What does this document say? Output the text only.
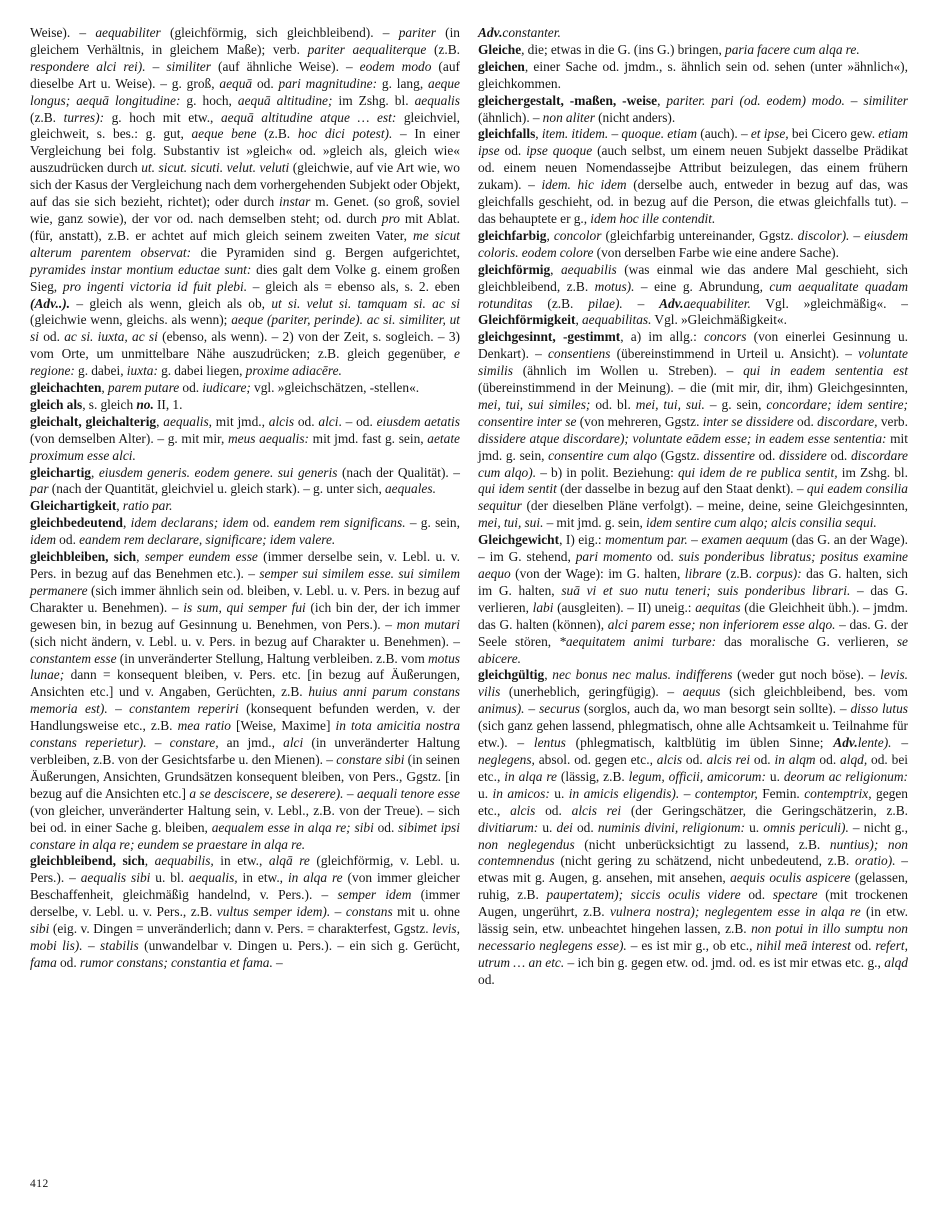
Weise). – aequabiliter (gleichförmig, sich gleichbleibend). – pariter (in gleichem Verhältnis, in gleichem Maße); verb. pariter aequaliterque (z.B. respondere alci rei). – similiter (auf ähnliche Weise). – eodem modo (auf dieselbe Art u. Weise). – g. groß, aequā od. pari magnitudine: g. lang, aeque longus; aequā longitudine: g. hoch, aequā altitudine; im Zshg. bl. aequalis (z.B. turres): g. hoch mit etw., aequā altitudine atque … est: gleichviel, gleichweit, s. bes.: g. gut, aeque bene (z.B. hoc dici potest). – In einer Vergleichung bei folg. Substantiv ist »gleich« od. »gleich als, gleich wie« auszudrücken durch ut. sicut. sicuti. velut. veluti (gleichwie, auf vie Art wie, wo sich der Kasus der Vergleichung nach dem vorhergehenden Subjekt oder Objekt, auf das sie sich bezieht, richtet); oder durch instar m. Genet. (so groß, soviel wie, ganz sowie), der vor od. nach demselben steht; od. durch pro mit Ablat. (für, anstatt), z.B. er achtet auf mich gleich seinem zweiten Vater, me sicut alterum parentem observat: die Pyramiden sind g. Bergen aufgerichtet, pyramides instar montium eductae sunt: dies galt dem Volke g. einem großen Sieg, pro ingenti victoria id fuit plebi. – gleich als = ebenso als, s. 2. eben (Adv..). – gleich als wenn, gleich als ob, ut si. velut si. tamquam si. ac si (gleichwie wenn, gleichs. als wenn); aeque (pariter, perinde). ac si. similiter, ut si od. ac si. iuxta, ac si (ebenso, als wenn). – 2) von der Zeit, s. sogleich. – 3) vom Orte, um unmittelbare Nähe auszudrücken; z.B. gleich gegenüber, e regione: g. dabei, iuxta: g. dabei liegen, proxime adiacēre.

gleichachten, parem putare od. iudicare; vgl. »gleichschätzen, -stellen«.

gleich als, s. gleich no. II, 1.

gleichalt, gleichalterig, aequalis, mit jmd., alcis od. alci. – od. eiusdem aetatis (von demselben Alter). – g. mit mir, meus aequalis: mit jmd. fast g. sein, aetate proximum esse alci.

gleichartig, eiusdem generis. eodem genere. sui generis (nach der Qualität). – par (nach der Quantität, gleichviel u. gleich stark). – g. unter sich, aequales.

Gleichartigkeit, ratio par.

gleichbedeutend, idem declarans; idem od. eandem rem significans. – g. sein, idem od. eandem rem declarare, significare; idem valere.

gleichbleiben, sich, semper eundem esse (immer derselbe sein, v. Lebl. u. v. Pers. in bezug auf das Benehmen etc.). – semper sui similem esse. sui similem permanere (sich immer ähnlich sein od. bleiben, v. Lebl. u. v. Pers. in bezug auf Charakter u. Benehmen). – is sum, qui semper fui (ich bin der, der ich immer gewesen bin, in bezug auf Gesinnung u. Benehmen, von Pers.). – mon mutari (sich nicht ändern, v. Lebl. u. v. Pers. in bezug auf Charakter u. Benehmen). – constantem esse (in unveränderter Stellung, Haltung verbleiben. z.B. vom motus lunae; dann = konsequent bleiben, v. Pers. etc. [in bezug auf Äußerungen, Ansichten etc.] und v. Angaben, Gerüchten, z.B. huius anni parum constans memoria est). – constantem reperiri (konsequent befunden werden, v. der Handlungsweise etc., z.B. mea ratio [Weise, Maxime] in tota amicitia nostra constans reperietur). – constare, an jmd., alci (in unveränderter Haltung verbleiben, z.B. von der Gesichtsfarbe u. den Mienen). – constare sibi (in seinen Äußerungen, Ansichten, Grundsätzen konsequent bleiben, von Pers., Ggstz. [in bezug auf die Ansichten etc.] a se desciscere, se deserere). – aequali tenore esse (von gleicher, unveränderter Haltung sein, v. Lebl., z.B. von der Treue). – sich bei od. in einer Sache g. bleiben, aequalem esse in alqa re; sibi od. sibimet ipsi constare in alqa re; eundem se praestare in alqa re.

gleichbleibend, sich, aequabilis, in etw., alqā re (gleichförmig, v. Lebl. u. Pers.). – aequalis sibi u. bl. aequalis, in etw., in alqa re (von immer gleicher Beschaffenheit, gleichmäßig handelnd, v. Pers.). – semper idem (immer derselbe, v. Lebl. u. v. Pers., z.B. vultus semper idem). – constans mit u. ohne sibi (eig. v. Dingen = unveränderlich; dann v. Pers. = charakterfest, Ggstz. levis, mobi lis). – stabilis (unwandelbar v. Dingen u. Pers.). – ein sich g. Gerücht, fama od. rumor constans; constantia et fama. –

Adv.constanter.

Gleiche, die; etwas in die G. (ins G.) bringen, paria facere cum alqa re.

gleichen, einer Sache od. jmdm., s. ähnlich sein od. sehen (unter »ähnlich«), gleichkommen.

gleichergestalt, -maßen, -weise, pariter. pari (od. eodem) modo. – similiter (ähnlich). – non aliter (nicht anders).

gleichfalls, item. itidem. – quoque. etiam (auch). – et ipse, bei Cicero gew. etiam ipse od. ipse quoque (auch selbst, um einem neuen Subjekt dasselbe Prädikat od. einem neuen Nomendassejbe Attribut beizulegen, das einem frühern zukam). – idem. hic idem (derselbe auch, entweder in bezug auf das, was gleichfalls geschieht, od. in bezug auf die Person, die etwas gleichfalls tut). – das behauptete er g., idem hoc ille contendit.

gleichfarbig, concolor (gleichfarbig untereinander, Ggstz. discolor). – eiusdem coloris. eodem colore (von derselben Farbe wie eine andere Sache).

gleichförmig, aequabilis (was einmal wie das andere Mal geschieht, sich gleichbleibend, z.B. motus). – eine g. Abrundung, cum aequalitate quadam rotunditas (z.B. pilae). – Adv.aequabiliter. Vgl. »gleichmäßig«. – Gleichförmigkeit, aequabilitas. Vgl. »Gleichmäßigkeit«.

gleichgesinnt, -gestimmt, a) im allg.: concors (von einerlei Gesinnung u. Denkart). – consentiens (übereinstimmend in Urteil u. Ansicht). – voluntate similis (ähnlich im Wollen u. Streben). – qui in eadem sententia est (übereinstimmend in der Meinung). – die (mit mir, dir, ihm) Gleichgesinnten, mei, tui, sui similes; od. bl. mei, tui, sui. – g. sein, concordare; idem sentire; consentire inter se (von mehreren, Ggstz. inter se dissidere od. discordare, verb. dissidere atque discordare); voluntate eādem esse; in eadem esse sententia: mit jmd. g. sein, consentire cum alqo (Ggstz. dissentire od. dissidere od. discordare cum alqo). – b) in polit. Beziehung: qui idem de re publica sentit, im Zshg. bl. qui idem sentit (der dasselbe in bezug auf den Staat denkt). – qui eadem consilia sequitur (der dieselben Pläne verfolgt). – meine, deine, seine Gleichgesinnten, mei, tui, sui. – mit jmd. g. sein, idem sentire cum alqo; alcis consilia sequi.

Gleichgewicht, I) eig.: momentum par. – examen aequum (das G. an der Wage). – im G. stehend, pari momento od. suis ponderibus libratus; positus examine aequo (von der Wage): im G. halten, librare (z.B. corpus): das G. halten, sich im G. halten, suā vi et suo nutu teneri; suis ponderibus librari. – das G. verlieren, labi (ausgleiten). – II) uneig.: aequitas (die Gleichheit übh.). – jmdm. das G. halten (können), alci parem esse; non inferiorem esse alqo. – das. G. der Seele stören, *aequitatem animi turbare: das moralische G. verlieren, se abicere.

gleichgültig, nec bonus nec malus. indifferens (weder gut noch böse). – levis. vilis (unerheblich, geringfügig). – aequus (sich gleichbleibend, bes. vom animus). – securus (sorglos, auch da, wo man besorgt sein sollte). – disso lutus (sich ganz gehen lassend, phlegmatisch, ohne alle Achtsamkeit u. Teilnahme für etw.). – lentus (phlegmatisch, kaltblütig im üblen Sinne; Adv.lente). – neglegens, absol. od. gegen etc., alcis od. alcis rei od. in alqm od. alqd, od. bei etc., in alqa re (lässig, z.B. legum, officii, amicorum: u. deorum ac religionum: u. in amicos: u. in amicis eligendis). – contemptor, Femin. contemptrix, gegen etc., alcis od. alcis rei (der Geringschätzer, die Geringschätzerin, z.B. divitiarum: u. dei od. numinis divini, religionum: u. omnis periculi). – nicht g., non neglegendus (nicht unberücksichtigt zu lassend, z.B. nuntius); non contemnendus (nicht gering zu schätzend, nicht unbedeutend, z.B. oratio). – etwas mit g. Augen, g. ansehen, mit ansehen, aequis oculis aspicere (gelassen, ruhig, z.B. paupertatem); siccis oculis videre od. spectare (mit trockenen Augen, ungerührt, z.B. vulnera nostra); neglegentem esse in alqa re (in etw. lässig sein, etw. unbeachtet hingehen lassen, z.B. non potui in illo sumptu non necessario neglegens esse). – es ist mir g., ob etc., nihil meā interest od. refert, utrum … an etc. – ich bin g. gegen etw. od. jmd. od. es ist mir etwas etc. g., alqd od.

412
